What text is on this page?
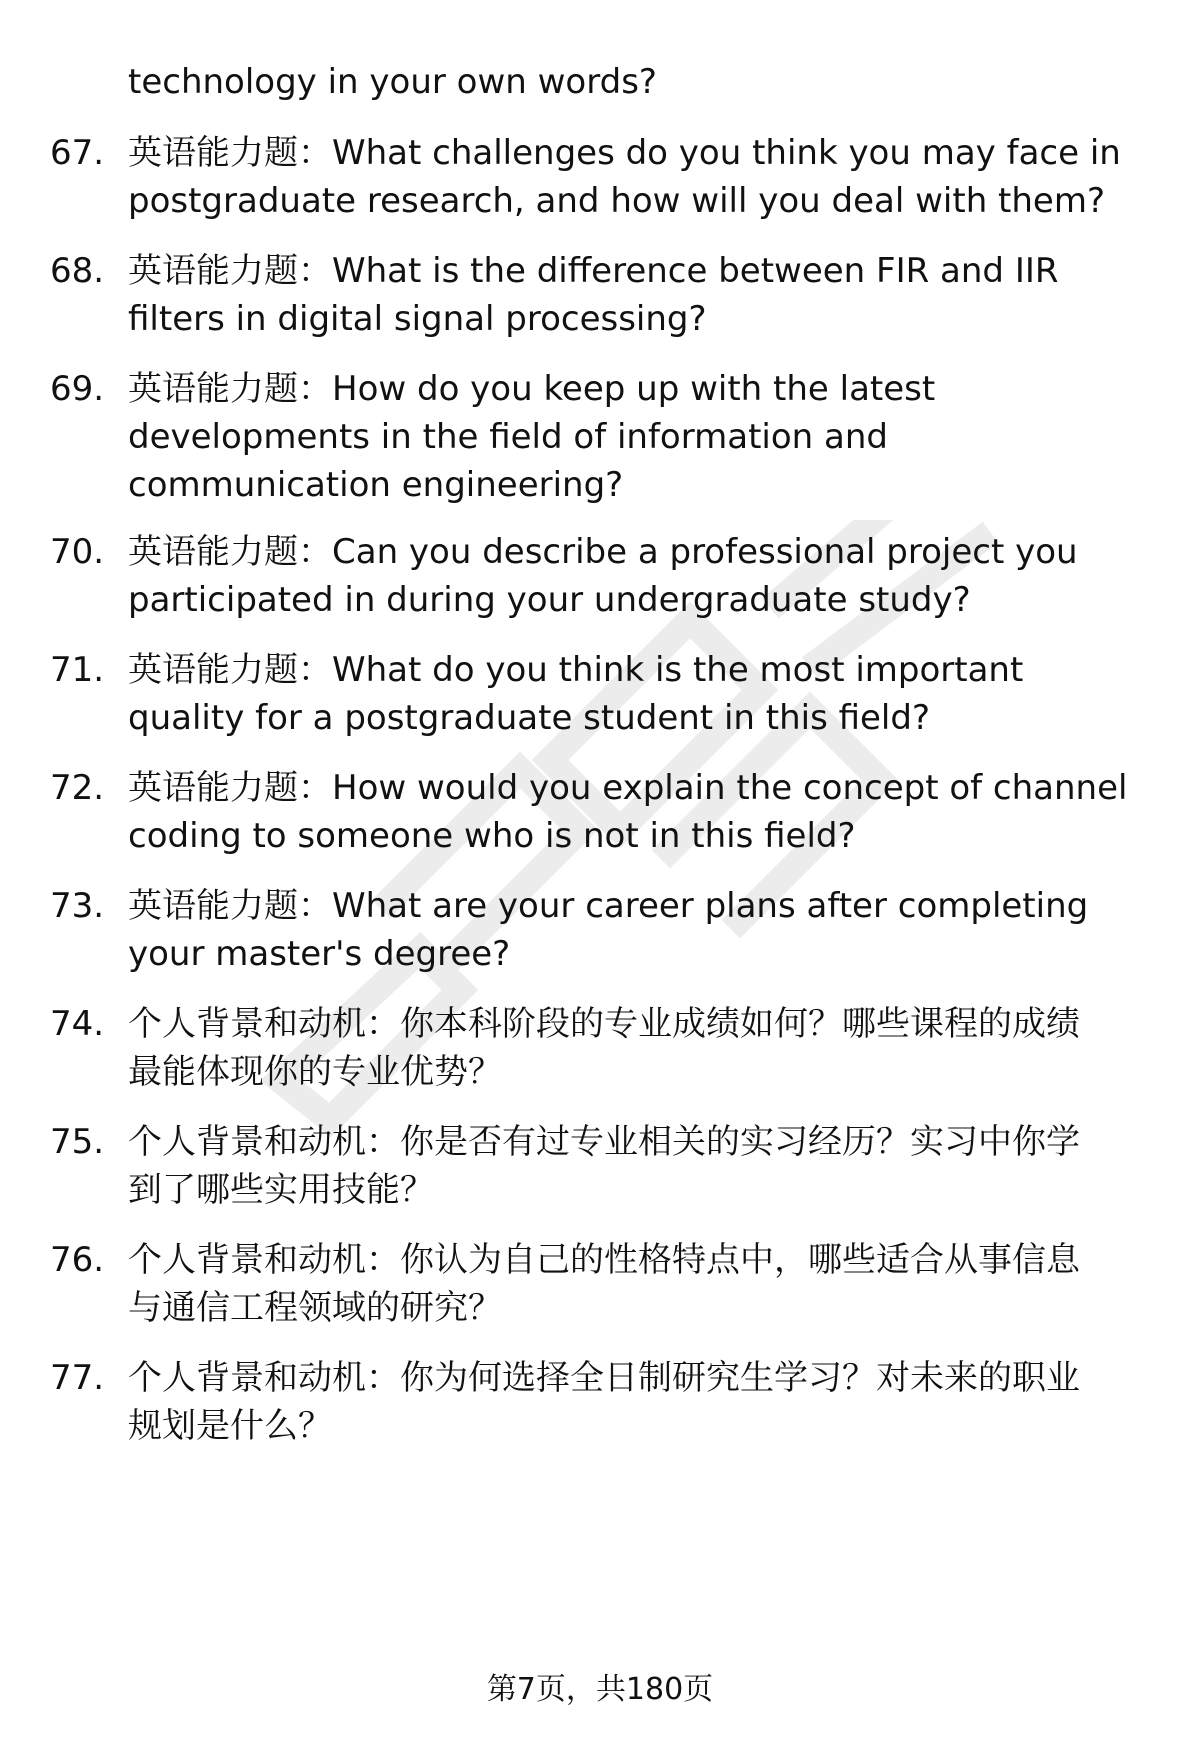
technology in your own words?
67. 英语能力题：What challenges do you think you may face in
postgraduate research, and how will you deal with them?
68. 英语能力题：What is the difference between FIR and IIR
filters in digital signal processing?
69. 英语能力题：How do you keep up with the latest
developments in the field of information and
communication engineering?
70. 英语能力题：Can you describe a professional project you
participated in during your undergraduate study?
71. 英语能力题：What do you think is the most important
quality for a postgraduate student in this field?
72. 英语能力题：How would you explain the concept of channel
coding to someone who is not in this field?
73. 英语能力题：What are your career plans after completing
your master's degree?
74. 个人背景和动机：你本科阶段的专业成绩如何？哪些课程的成绩
最能体现你的专业优势？
75. 个人背景和动机：你是否有过专业相关的实习经历？实习中你学
到了哪些实用技能？
76. 个人背景和动机：你认为自己的性格特点中，哪些适合从事信息
与通信工程领域的研究？
77. 个人背景和动机：你为何选择全日制研究生学习？对未来的职业
规划是什么？
第7页，共180页
